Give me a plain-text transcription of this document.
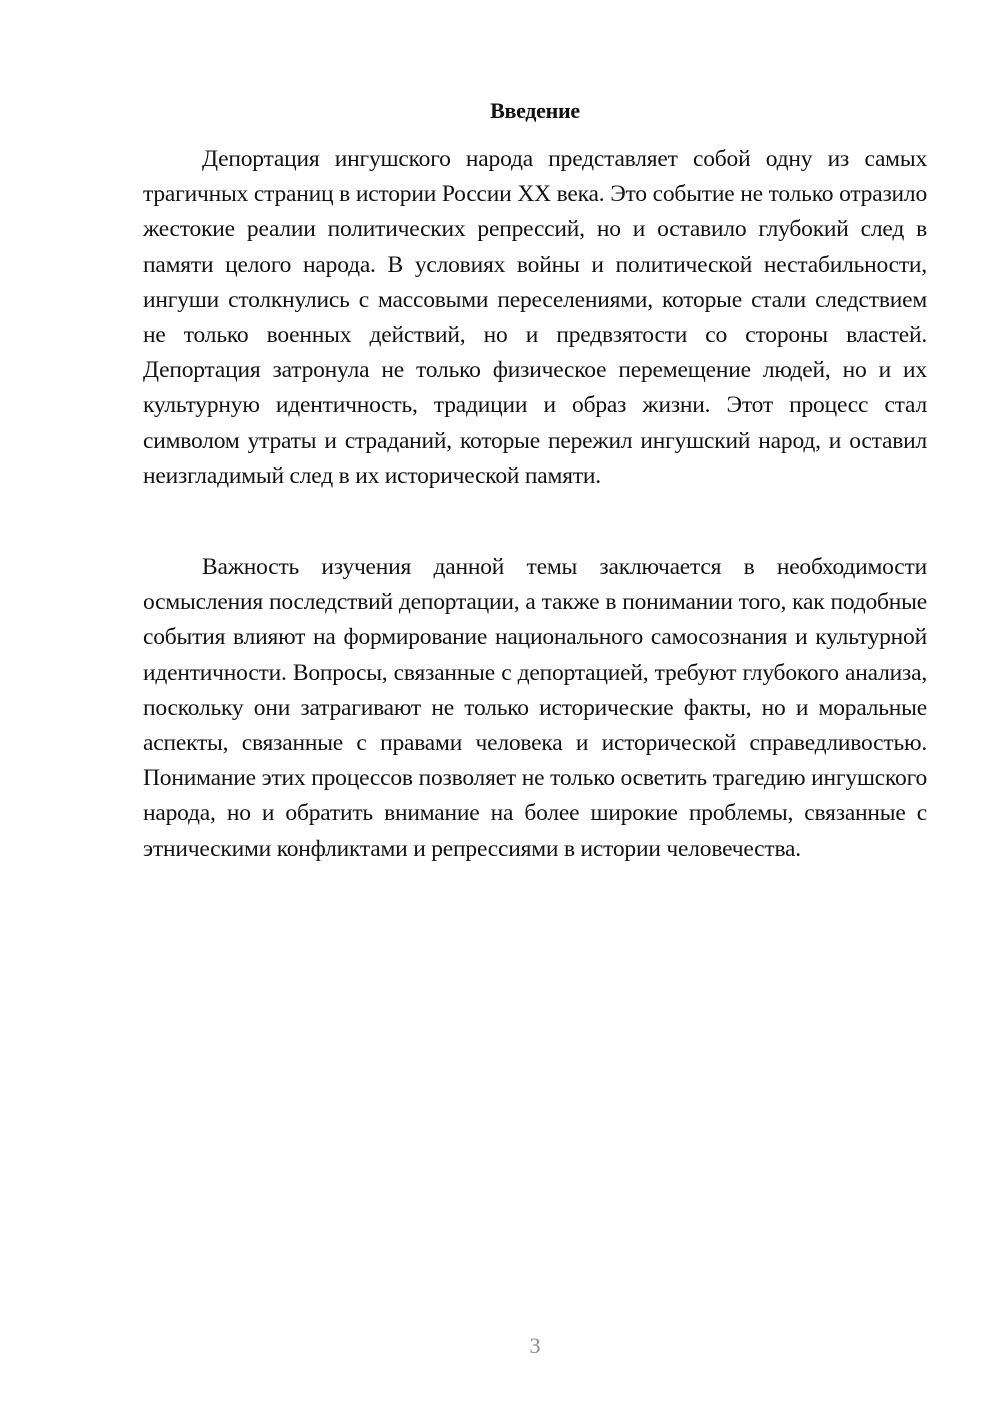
Введение

Депортация ингушского народа представляет собой одну из самых трагичных страниц в истории России XX века. Это событие не только отразило жестокие реалии политических репрессий, но и оставило глубокий след в памяти целого народа. В условиях войны и политической нестабильности, ингуши столкнулись с массовыми переселениями, которые стали следствием не только военных действий, но и предвзятости со стороны властей. Депортация затронула не только физическое перемещение людей, но и их культурную идентичность, традиции и образ жизни. Этот процесс стал символом утраты и страданий, которые пережил ингушский народ, и оставил неизгладимый след в их исторической памяти.

Важность изучения данной темы заключается в необходимости осмысления последствий депортации, а также в понимании того, как подобные события влияют на формирование национального самосознания и культурной идентичности. Вопросы, связанные с депортацией, требуют глубокого анализа, поскольку они затрагивают не только исторические факты, но и моральные аспекты, связанные с правами человека и исторической справедливостью. Понимание этих процессов позволяет не только осветить трагедию ингушского народа, но и обратить внимание на более широкие проблемы, связанные с этническими конфликтами и репрессиями в истории человечества.

3
